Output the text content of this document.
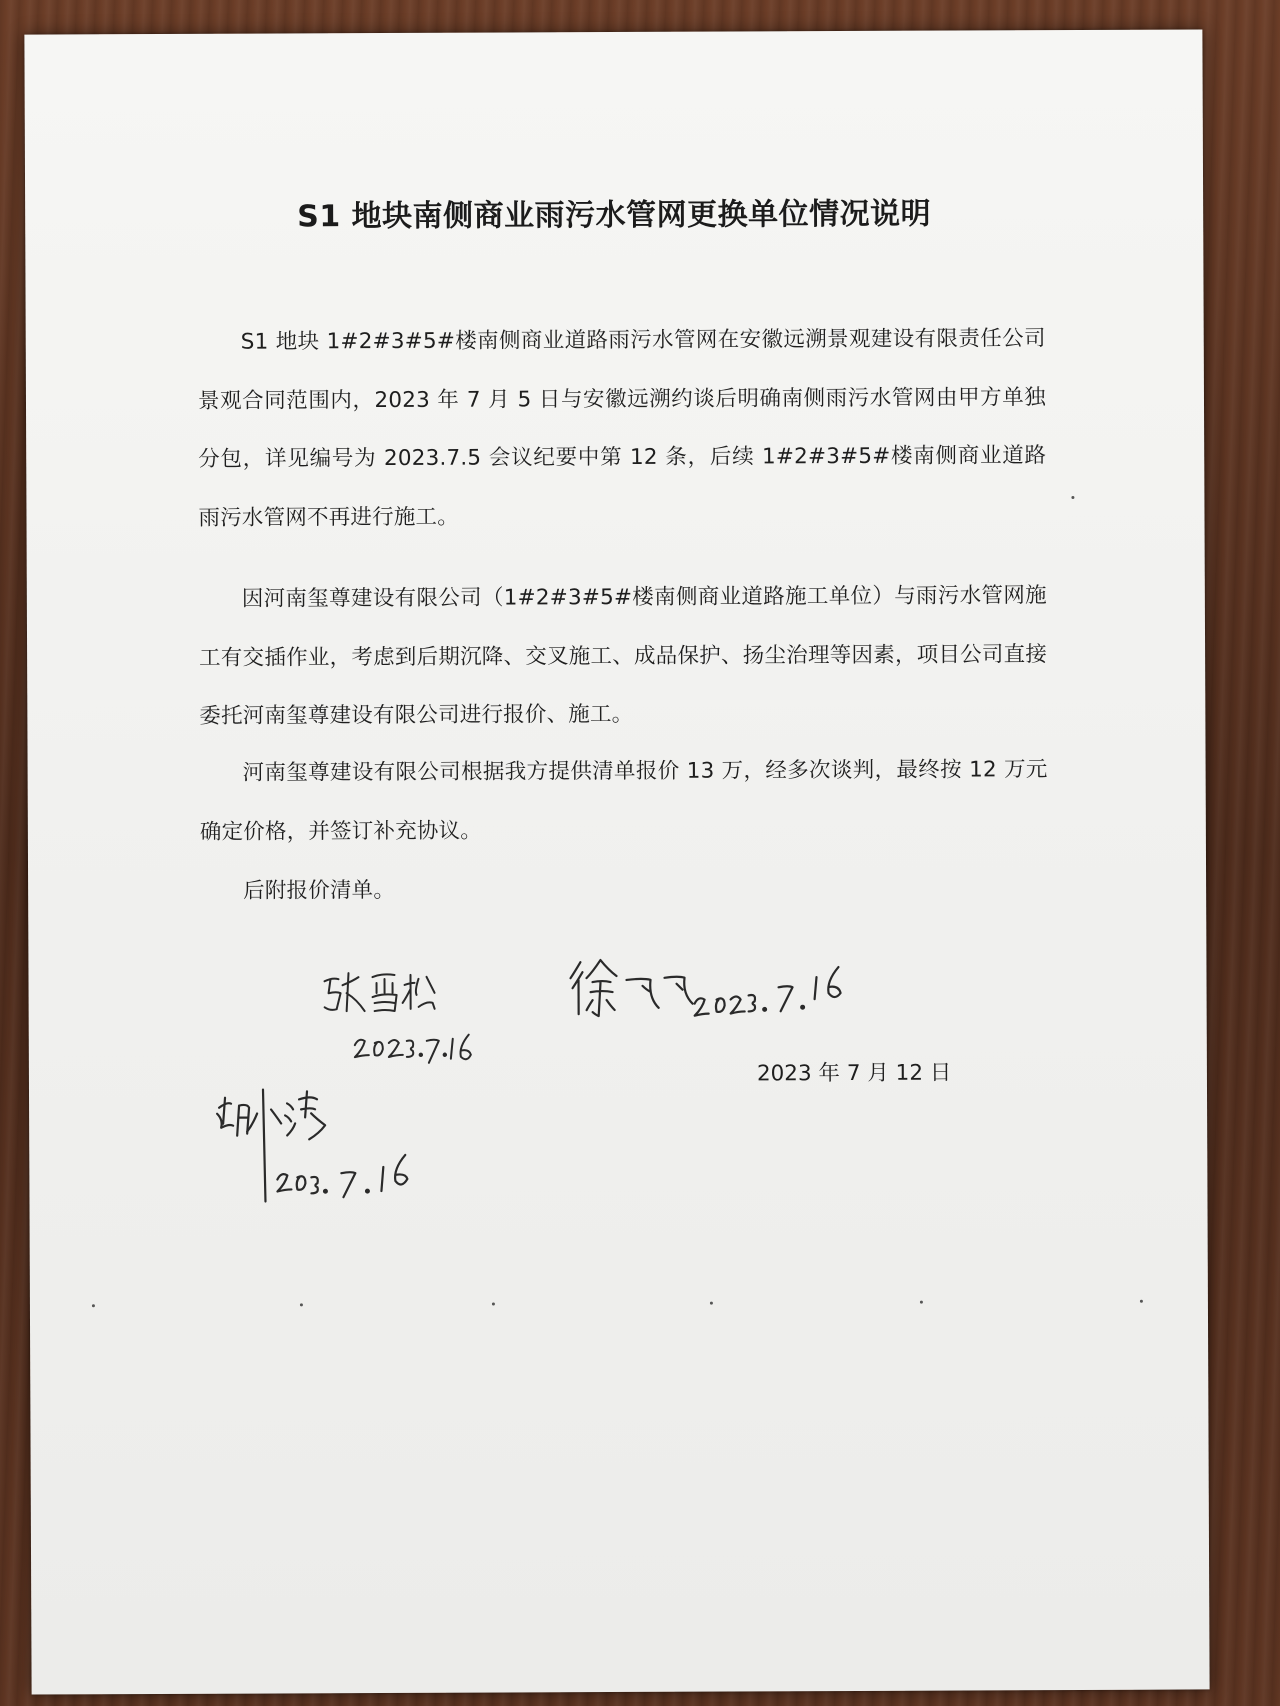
S1 地块南侧商业雨污水管网更换单位情况说明
S1 地块 1#2#3#5#楼南侧商业道路雨污水管网在安徽远溯景观建设有限责任公司景观合同范围内，2023 年 7 月 5 日与安徽远溯约谈后明确南侧雨污水管网由甲方单独分包，详见编号为 2023.7.5 会议纪要中第 12 条，后续 1#2#3#5#楼南侧商业道路雨污水管网不再进行施工。
因河南玺尊建设有限公司（1#2#3#5#楼南侧商业道路施工单位）与雨污水管网施工有交插作业，考虑到后期沉降、交叉施工、成品保护、扬尘治理等因素，项目公司直接委托河南玺尊建设有限公司进行报价、施工。
河南玺尊建设有限公司根据我方提供清单报价 13 万，经多次谈判，最终按 12 万元确定价格，并签订补充协议。
后附报价清单。
2023 年 7 月 12 日
